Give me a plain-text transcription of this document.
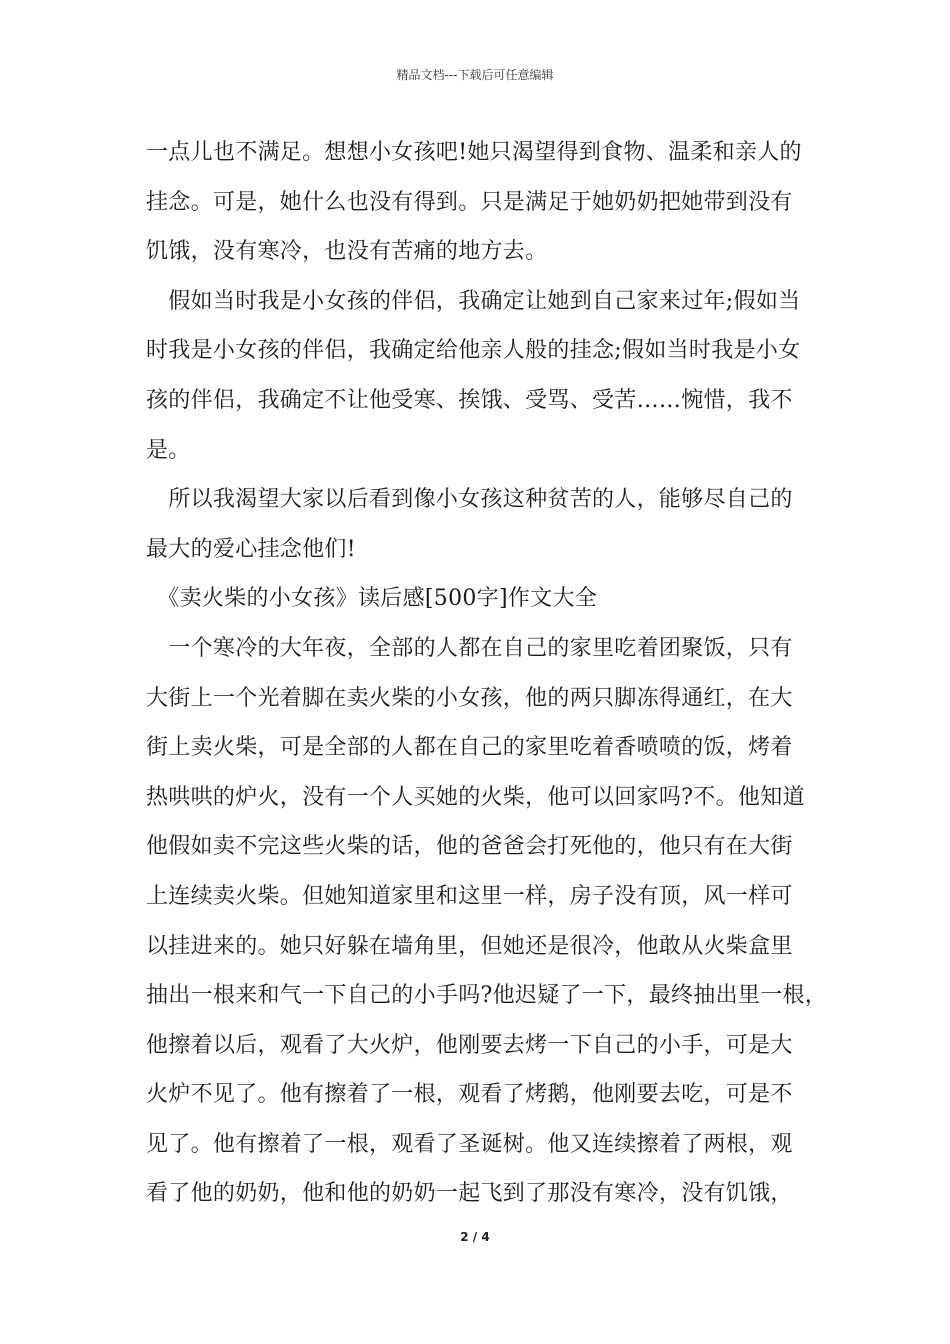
精品文档---下载后可任意编辑
一点儿也不满足。想想小女孩吧!她只渴望得到食物、温柔和亲人的
挂念。可是，她什么也没有得到。只是满足于她奶奶把她带到没有
饥饿，没有寒冷，也没有苦痛的地方去。
　假如当时我是小女孩的伴侣，我确定让她到自己家来过年;假如当
时我是小女孩的伴侣，我确定给他亲人般的挂念;假如当时我是小女
孩的伴侣，我确定不让他受寒、挨饿、受骂、受苦……惋惜，我不
是。
　所以我渴望大家以后看到像小女孩这种贫苦的人，能够尽自己的
最大的爱心挂念他们!
　《卖火柴的小女孩》读后感[500字]作文大全
　一个寒冷的大年夜，全部的人都在自己的家里吃着团聚饭，只有
大街上一个光着脚在卖火柴的小女孩，他的两只脚冻得通红，在大
街上卖火柴，可是全部的人都在自己的家里吃着香喷喷的饭，烤着
热哄哄的炉火，没有一个人买她的火柴，他可以回家吗?不。他知道
他假如卖不完这些火柴的话，他的爸爸会打死他的，他只有在大街
上连续卖火柴。但她知道家里和这里一样，房子没有顶，风一样可
以挂进来的。她只好躲在墙角里，但她还是很冷，他敢从火柴盒里
抽出一根来和气一下自己的小手吗?他迟疑了一下，最终抽出里一根，
他擦着以后，观看了大火炉，他刚要去烤一下自己的小手，可是大
火炉不见了。他有擦着了一根，观看了烤鹅，他刚要去吃，可是不
见了。他有擦着了一根，观看了圣诞树。他又连续擦着了两根，观
看了他的奶奶，他和他的奶奶一起飞到了那没有寒冷，没有饥饿，
2 / 4
